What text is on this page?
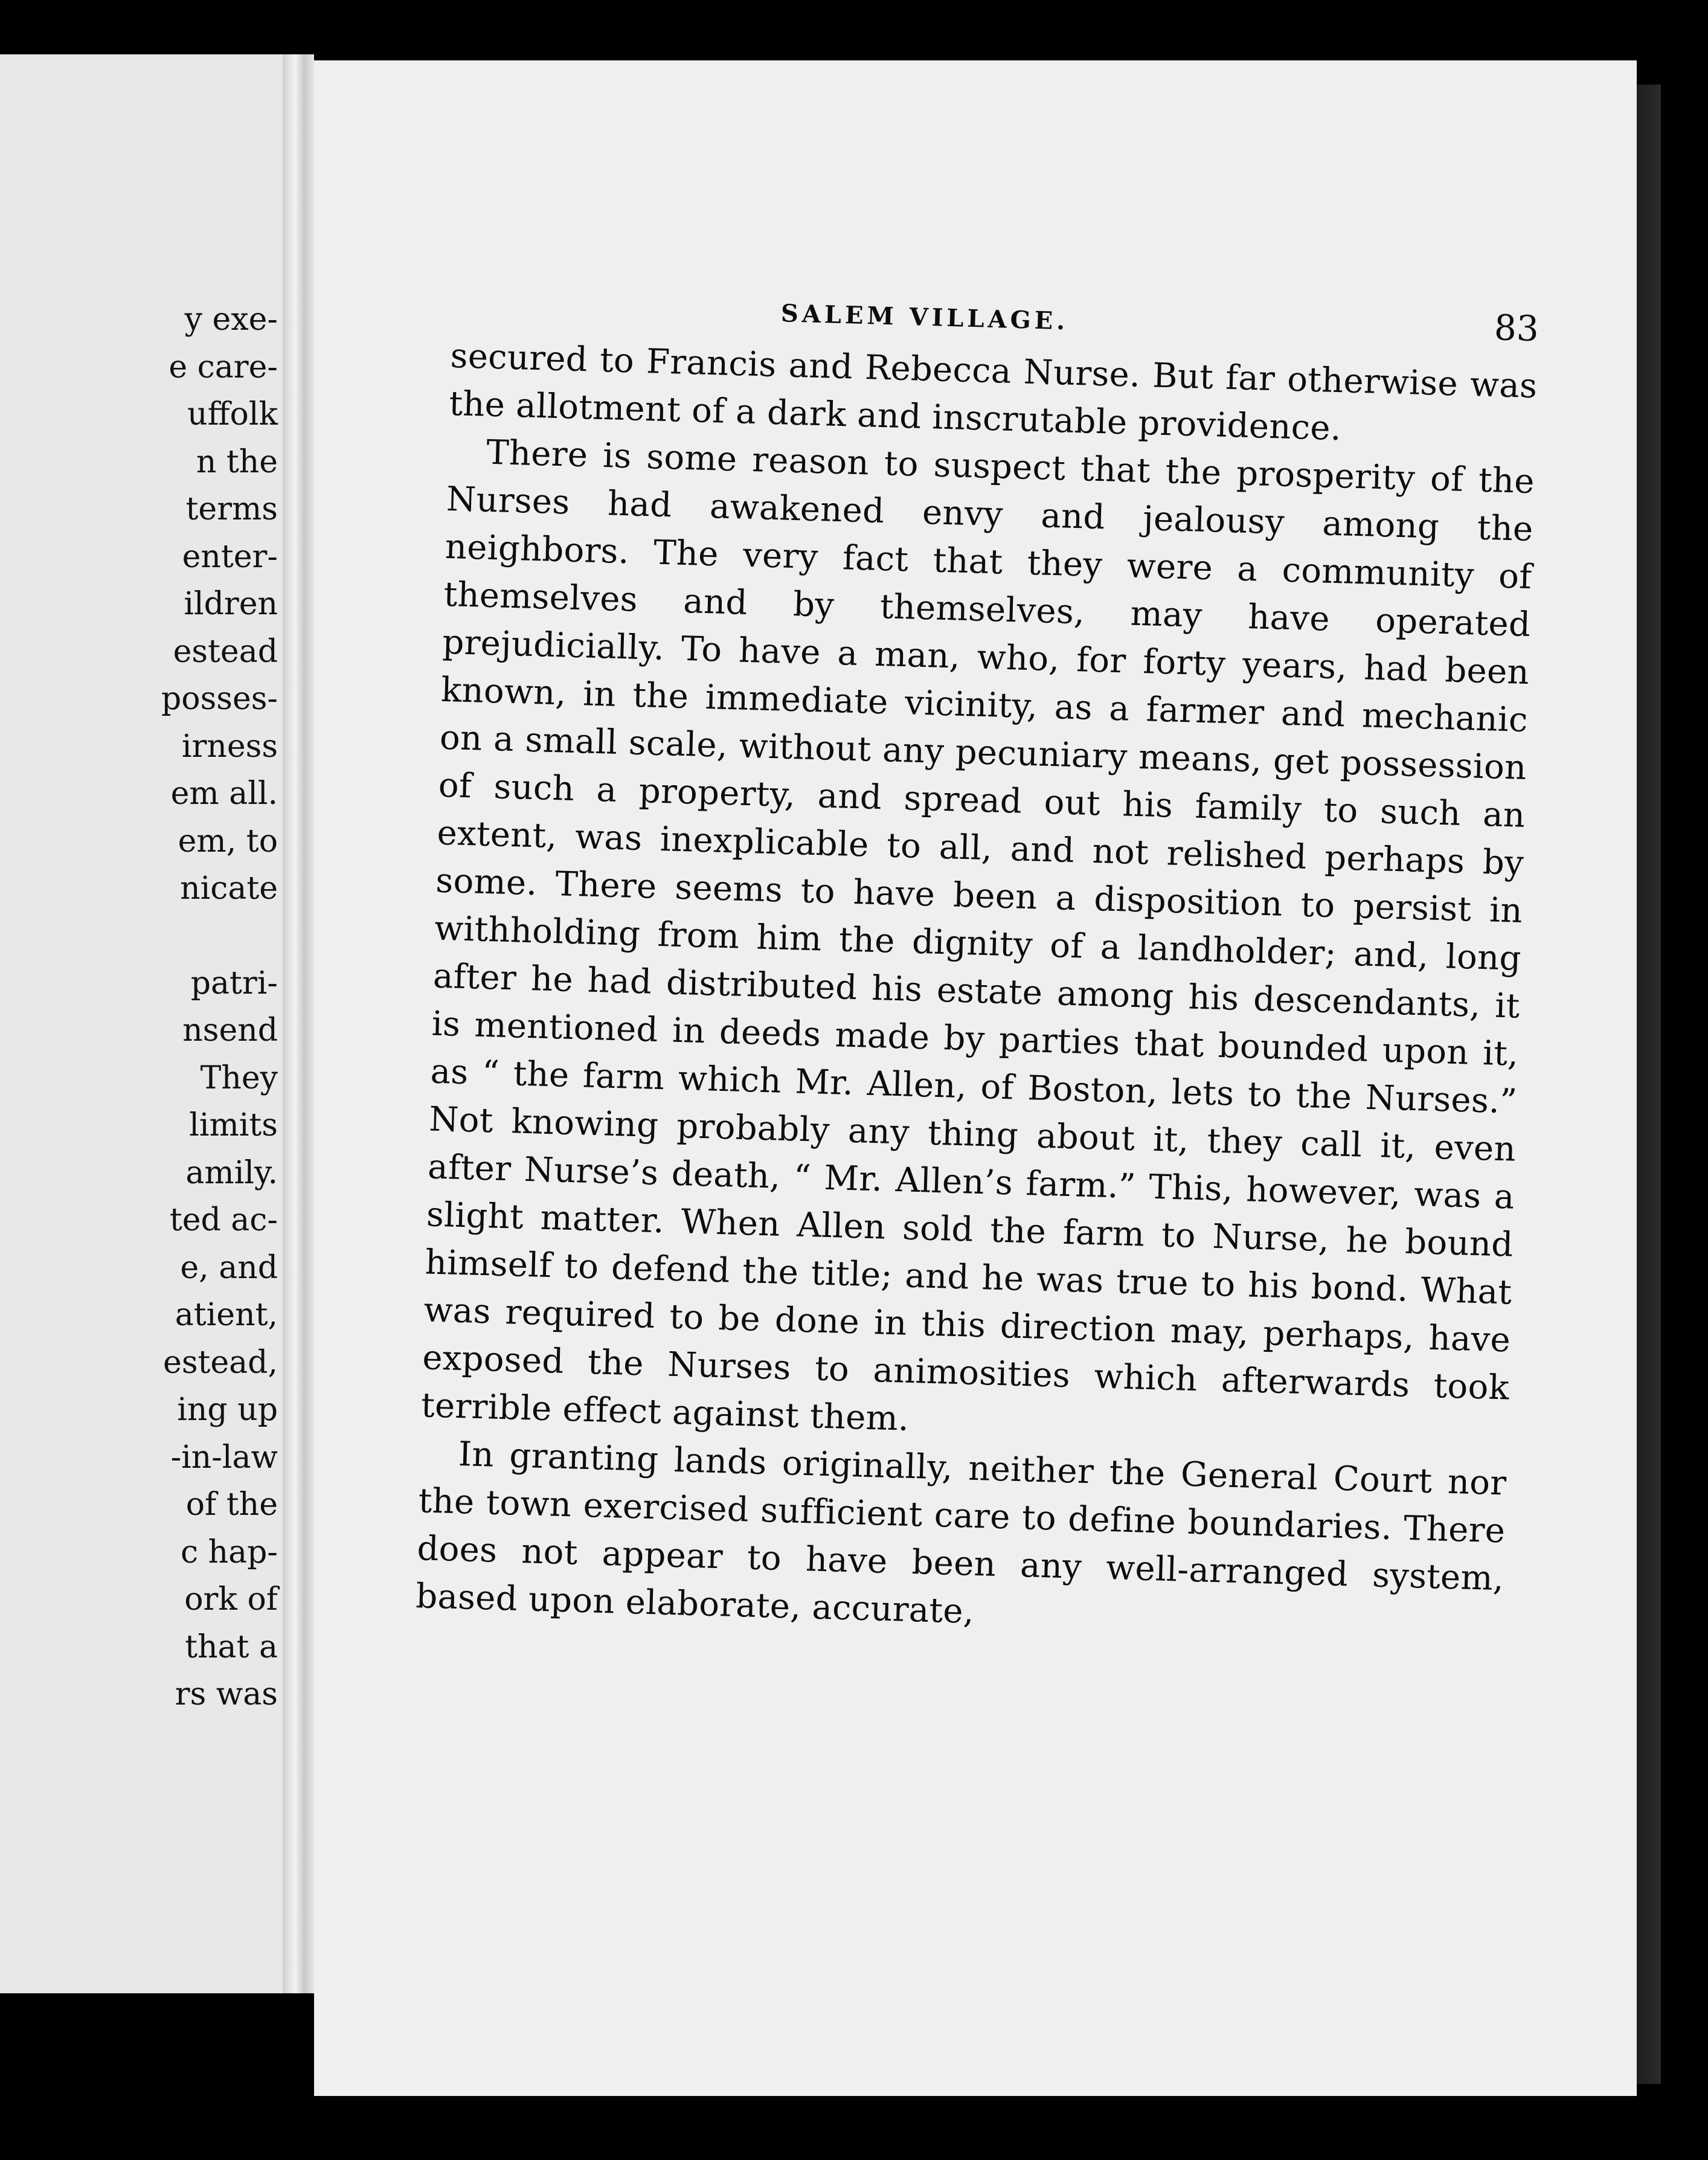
y exe-
e care-
uffolk
n the
terms
enter-
ildren
estead
posses-
irness
em all.
em, to
nicate
patri-
nsend
They
limits
amily.
ted ac-
e, and
atient,
estead,
ing up
-in-law
of the
c hap-
ork of
that a
rs was
SALEM VILLAGE.	83

secured to Francis and Rebecca Nurse. But far otherwise was the allotment of a dark and inscrutable providence.

There is some reason to suspect that the prosperity of the Nurses had awakened envy and jealousy among the neighbors. The very fact that they were a community of themselves and by themselves, may have operated prejudicially. To have a man, who, for forty years, had been known, in the immediate vicinity, as a farmer and mechanic on a small scale, without any pecuniary means, get possession of such a property, and spread out his family to such an extent, was inexplicable to all, and not relished perhaps by some. There seems to have been a disposition to persist in withholding from him the dignity of a landholder; and, long after he had distributed his estate among his descendants, it is mentioned in deeds made by parties that bounded upon it, as “ the farm which Mr. Allen, of Boston, lets to the Nurses.” Not knowing probably any thing about it, they call it, even after Nurse’s death, “ Mr. Allen’s farm.” This, however, was a slight matter. When Allen sold the farm to Nurse, he bound himself to defend the title; and he was true to his bond. What was required to be done in this direction may, perhaps, have exposed the Nurses to animosities which afterwards took terrible effect against them.

In granting lands originally, neither the General Court nor the town exercised sufficient care to define boundaries. There does not appear to have been any well-arranged system, based upon elaborate, accurate,
